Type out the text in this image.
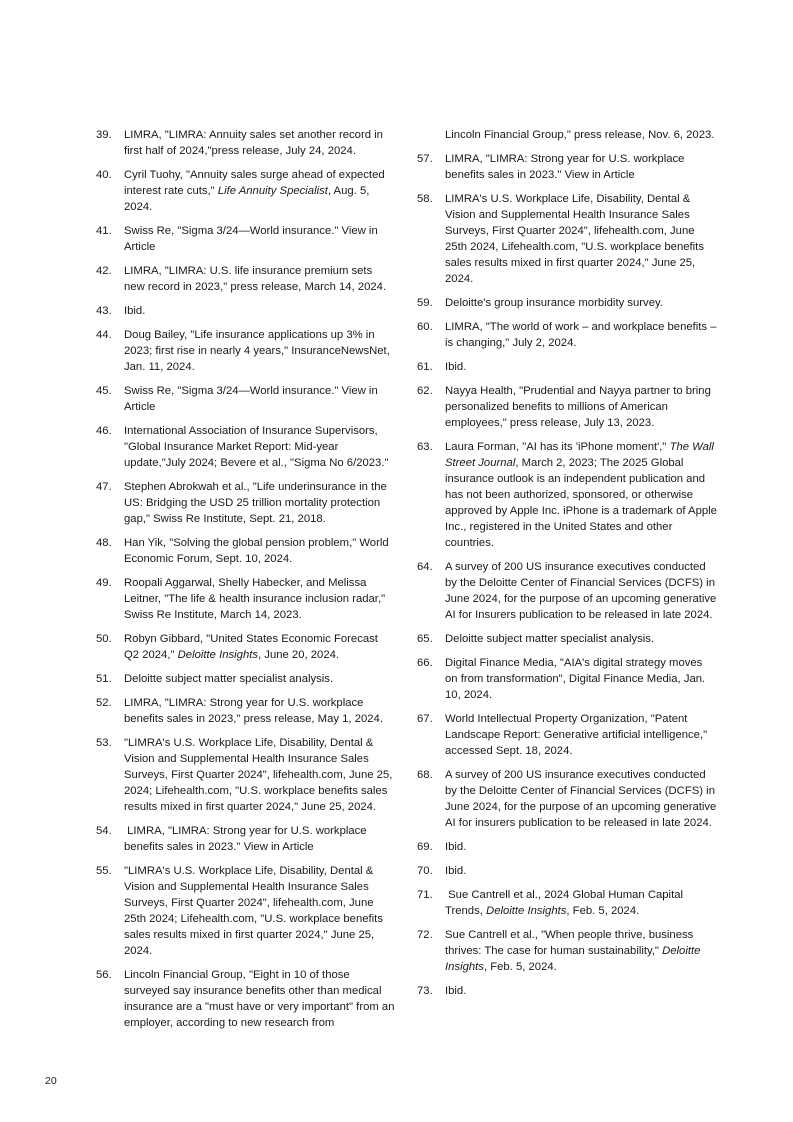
39.	LIMRA, "LIMRA: Annuity sales set another record in first half of 2024,"press release, July 24, 2024.
40.	Cyril Tuohy, "Annuity sales surge ahead of expected interest rate cuts," Life Annuity Specialist, Aug. 5, 2024.
41.	Swiss Re, "Sigma 3/24—World insurance." View in Article
42.	LIMRA, "LIMRA: U.S. life insurance premium sets new record in 2023," press release, March 14, 2024.
43.	Ibid.
44.	Doug Bailey, "Life insurance applications up 3% in 2023; first rise in nearly 4 years," InsuranceNewsNet, Jan. 11, 2024.
45.	Swiss Re, "Sigma 3/24—World insurance." View in Article
46.	International Association of Insurance Supervisors, "Global Insurance Market Report: Mid-year update,"July 2024; Bevere et al., "Sigma No 6/2023."
47.	Stephen Abrokwah et al., "Life underinsurance in the US: Bridging the USD 25 trillion mortality protection gap," Swiss Re Institute, Sept. 21, 2018.
48.	Han Yik, "Solving the global pension problem," World Economic Forum, Sept. 10, 2024.
49.	Roopali Aggarwal, Shelly Habecker, and Melissa Leitner, "The life & health insurance inclusion radar," Swiss Re Institute, March 14, 2023.
50.	Robyn Gibbard, "United States Economic Forecast Q2 2024," Deloitte Insights, June 20, 2024.
51.	Deloitte subject matter specialist analysis.
52.	LIMRA, "LIMRA: Strong year for U.S. workplace benefits sales in 2023," press release, May 1, 2024.
53.	"LIMRA's U.S. Workplace Life, Disability, Dental & Vision and Supplemental Health Insurance Sales Surveys, First Quarter 2024", lifehealth.com, June 25, 2024; Lifehealth.com, "U.S. workplace benefits sales results mixed in first quarter 2024," June 25, 2024.
54.	LIMRA, "LIMRA: Strong year for U.S. workplace benefits sales in 2023." View in Article
55.	"LIMRA's U.S. Workplace Life, Disability, Dental & Vision and Supplemental Health Insurance Sales Surveys, First Quarter 2024", lifehealth.com, June 25th 2024; Lifehealth.com, "U.S. workplace benefits sales results mixed in first quarter 2024," June 25, 2024.
56.	Lincoln Financial Group, "Eight in 10 of those surveyed say insurance benefits other than medical insurance are a "must have or very important" from an employer, according to new research from
Lincoln Financial Group," press release, Nov. 6, 2023.
57.	LIMRA, "LIMRA: Strong year for U.S. workplace benefits sales in 2023." View in Article
58.	LIMRA's U.S. Workplace Life, Disability, Dental & Vision and Supplemental Health Insurance Sales Surveys, First Quarter 2024", lifehealth.com, June 25th 2024, Lifehealth.com, "U.S. workplace benefits sales results mixed in first quarter 2024," June 25, 2024.
59.	Deloitte's group insurance morbidity survey.
60.	LIMRA, "The world of work – and workplace benefits – is changing," July 2, 2024.
61.	Ibid.
62.	Nayya Health, "Prudential and Nayya partner to bring personalized benefits to millions of American employees," press release, July 13, 2023.
63.	Laura Forman, "AI has its 'iPhone moment'," The Wall Street Journal, March 2, 2023; The 2025 Global insurance outlook is an independent publication and has not been authorized, sponsored, or otherwise approved by Apple Inc. iPhone is a trademark of Apple Inc., registered in the United States and other countries.
64.	A survey of 200 US insurance executives conducted by the Deloitte Center of Financial Services (DCFS) in June 2024, for the purpose of an upcoming generative AI for Insurers publication to be released in late 2024.
65.	Deloitte subject matter specialist analysis.
66.	Digital Finance Media, "AIA's digital strategy moves on from transformation", Digital Finance Media, Jan. 10, 2024.
67.	World Intellectual Property Organization, "Patent Landscape Report: Generative artificial intelligence," accessed Sept. 18, 2024.
68.	A survey of 200 US insurance executives conducted by the Deloitte Center of Financial Services (DCFS) in June 2024, for the purpose of an upcoming generative AI for insurers publication to be released in late 2024.
69.	Ibid.
70.	Ibid.
71.	Sue Cantrell et al., 2024 Global Human Capital Trends, Deloitte Insights, Feb. 5, 2024.
72.	Sue Cantrell et al., "When people thrive, business thrives: The case for human sustainability," Deloitte Insights, Feb. 5, 2024.
73.	Ibid.
20
